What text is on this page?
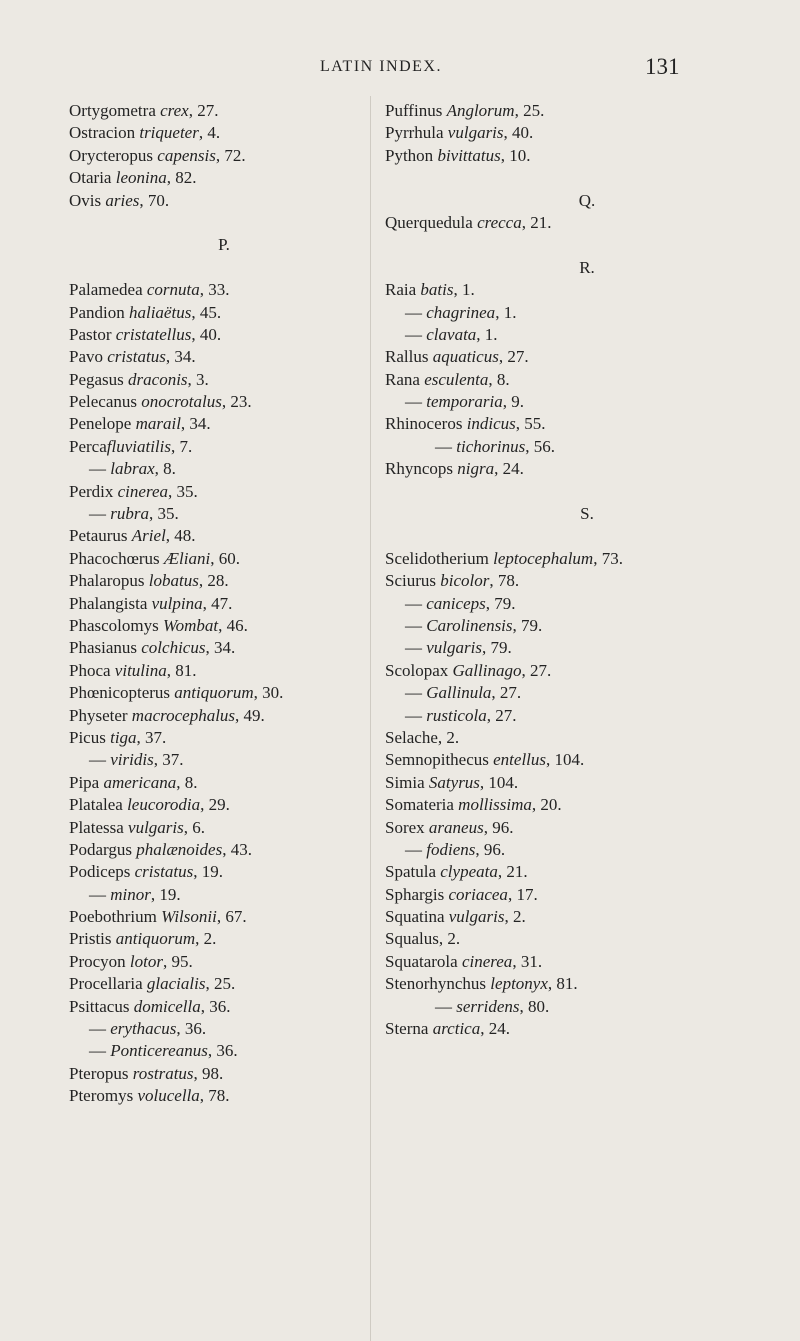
LATIN INDEX.	131
Ortygometra crex, 27.
Ostracion triqueter, 4.
Orycteropus capensis, 72.
Otaria leonina, 82.
Ovis aries, 70.
P.
Palamedea cornuta, 33.
Pandion haliaëtus, 45.
Pastor cristatellus, 40.
Pavo cristatus, 34.
Pegasus draconis, 3.
Pelecanus onocrotalus, 23.
Penelope marail, 34.
Percafluviatilis, 7.
— labrax, 8.
Perdix cinerea, 35.
— rubra, 35.
Petaurus Ariel, 48.
Phacochœrus Æliani, 60.
Phalaropus lobatus, 28.
Phalangista vulpina, 47.
Phascolomys Wombat, 46.
Phasianus colchicus, 34.
Phoca vitulina, 81.
Phœnicopterus antiquorum, 30.
Physeter macrocephalus, 49.
Picus tiga, 37.
— viridis, 37.
Pipa americana, 8.
Platalea leucorodia, 29.
Platessa vulgaris, 6.
Podargus phalænoides, 43.
Podiceps cristatus, 19.
— minor, 19.
Poebothrium Wilsonii, 67.
Pristis antiquorum, 2.
Procyon lotor, 95.
Procellaria glacialis, 25.
Psittacus domicella, 36.
— erythacus, 36.
— Ponticereanus, 36.
Pteropus rostratus, 98.
Pteromys volucella, 78.
Puffinus Anglorum, 25.
Pyrrhula vulgaris, 40.
Python bivittatus, 10.
Q.
Querquedula crecca, 21.
R.
Raia batis, 1.
— chagrinea, 1.
— clavata, 1.
Rallus aquaticus, 27.
Rana esculenta, 8.
— temporaria, 9.
Rhinoceros indicus, 55.
— tichorinus, 56.
Rhyncops nigra, 24.
S.
Scelidotherium leptocephalum, 73.
Sciurus bicolor, 78.
— caniceps, 79.
— Carolinensis, 79.
— vulgaris, 79.
Scolopax Gallinago, 27.
— Gallinula, 27.
— rusticola, 27.
Selache, 2.
Semnopithecus entellus, 104.
Simia Satyrus, 104.
Somateria mollissima, 20.
Sorex araneus, 96.
— fodiens, 96.
Spatula clypeata, 21.
Sphargis coriacea, 17.
Squatina vulgaris, 2.
Squalus, 2.
Squatarola cinerea, 31.
Stenorhynchus leptonyx, 81.
— serridens, 80.
Sterna arctica, 24.
